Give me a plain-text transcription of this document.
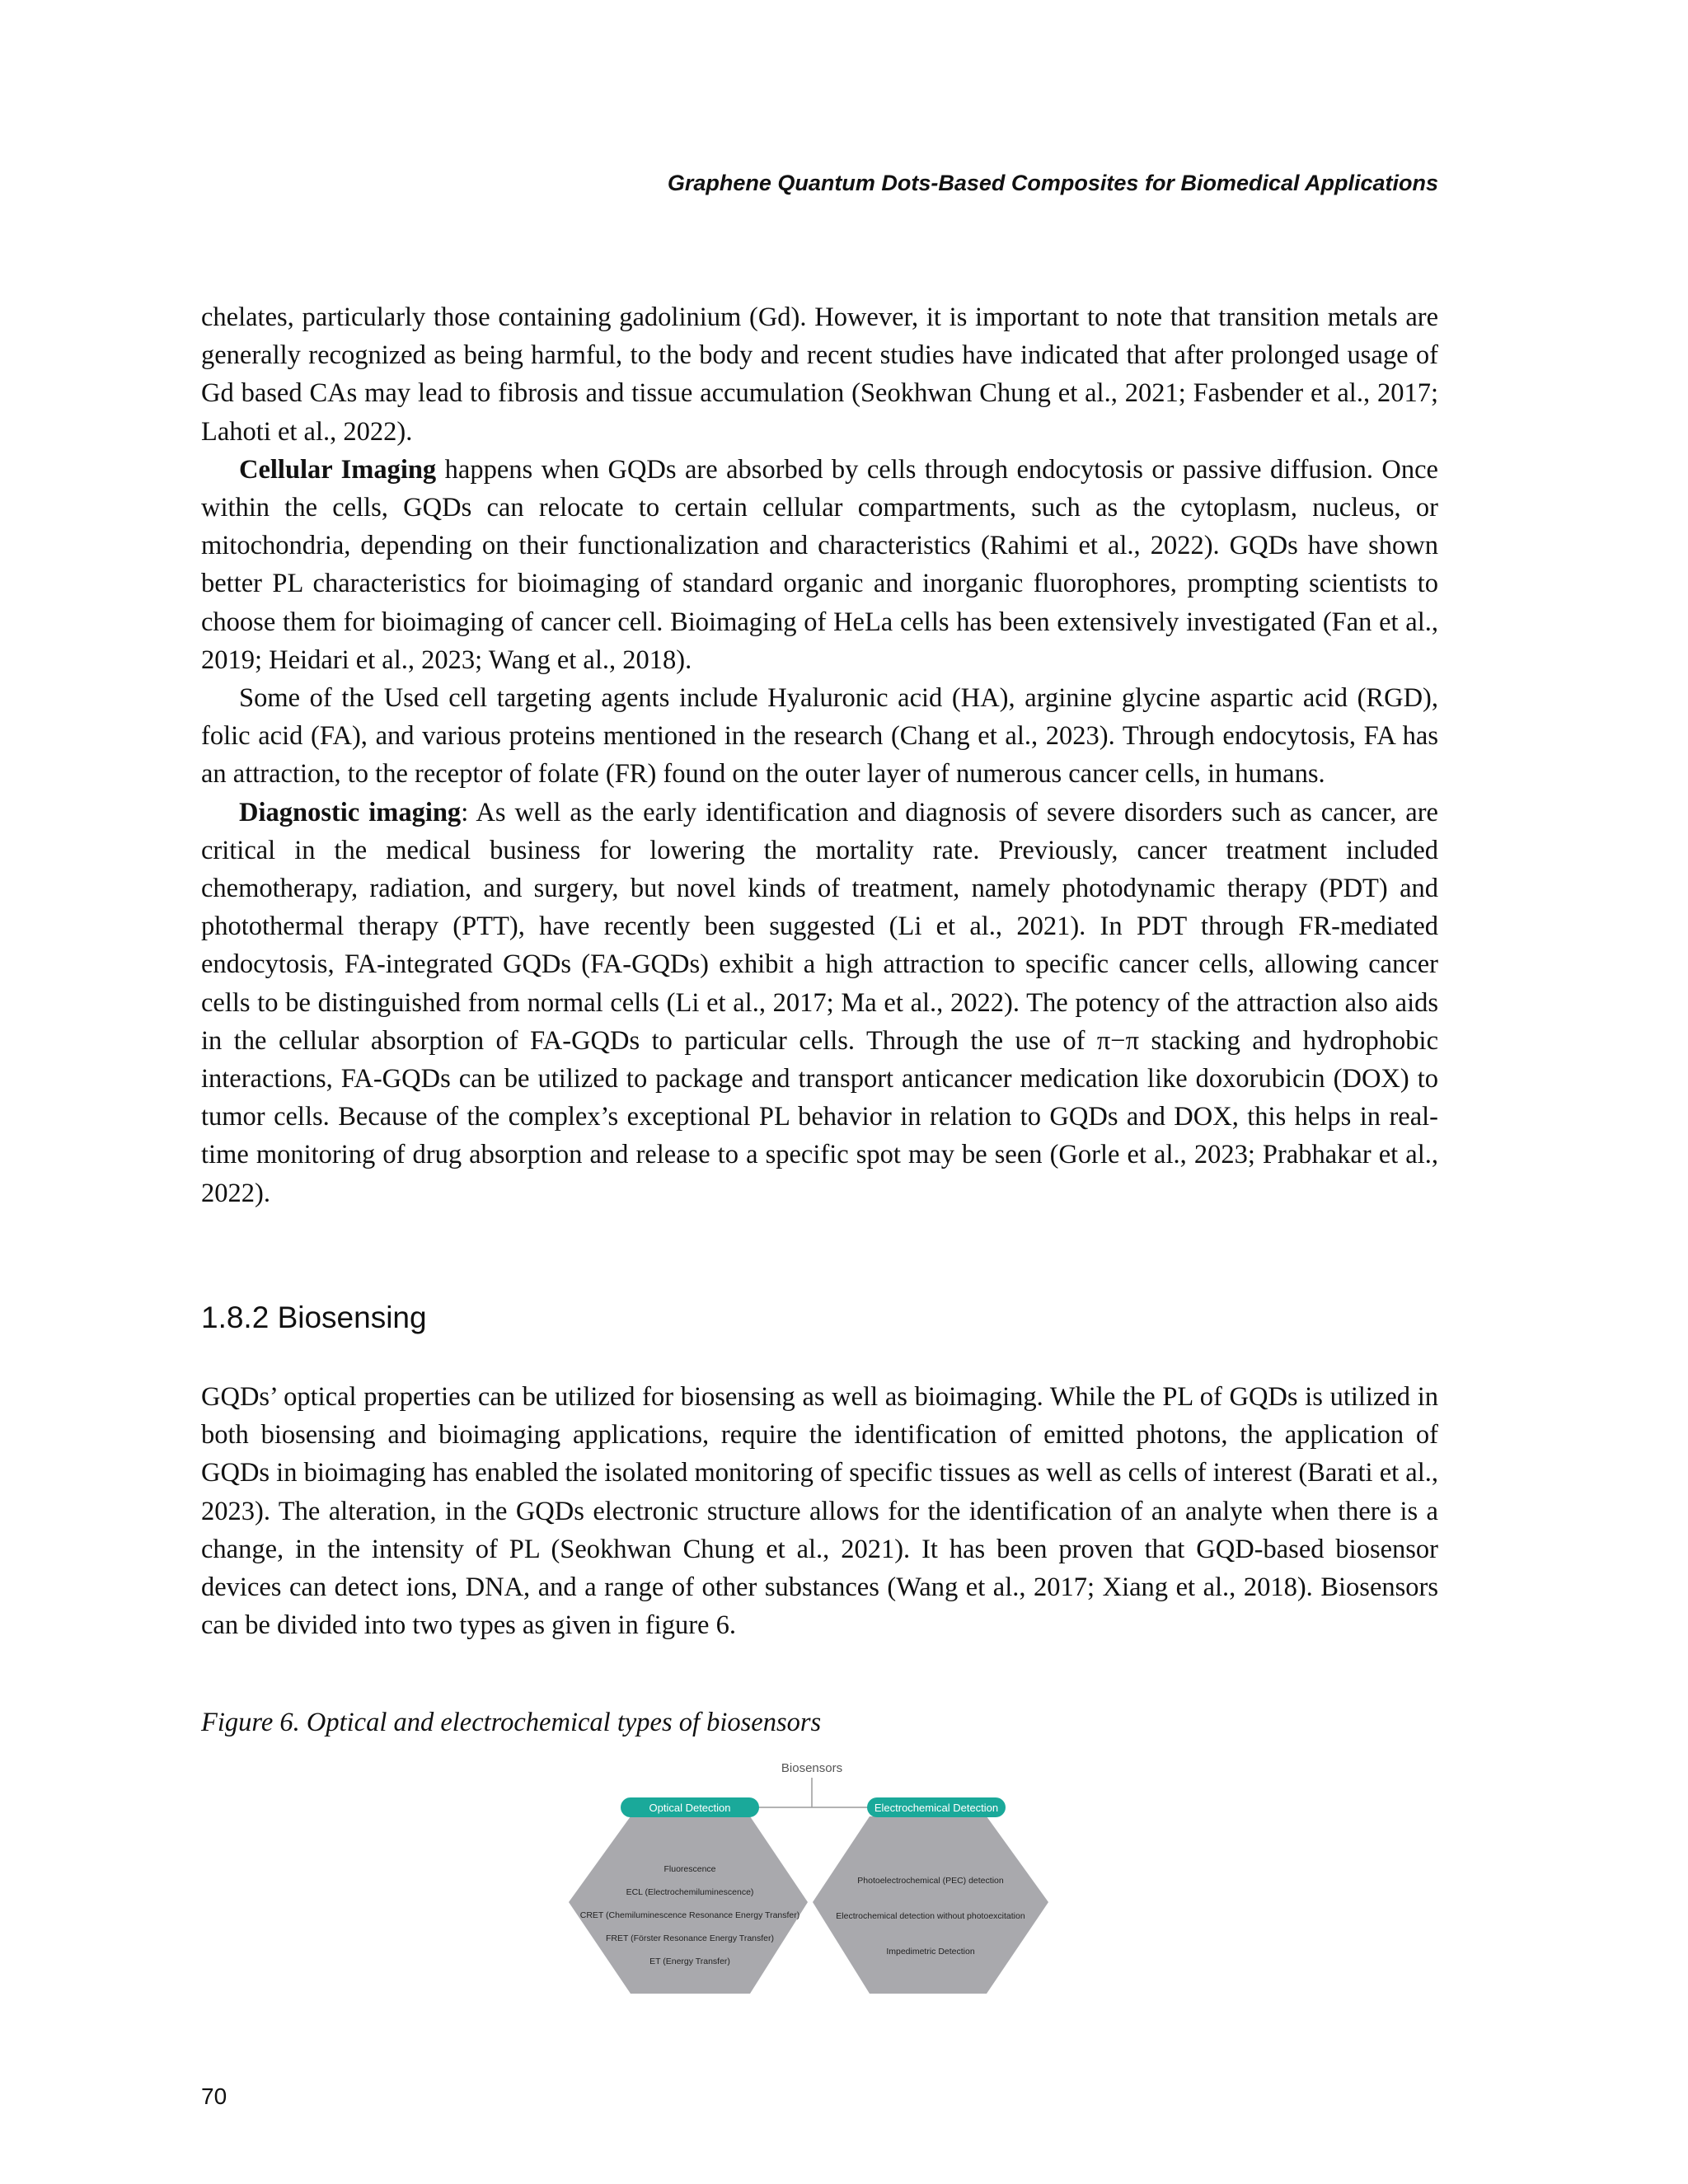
Graphene Quantum Dots-Based Composites for Biomedical Applications

chelates, particularly those containing gadolinium (Gd). However, it is important to note that transition metals are generally recognized as being harmful, to the body and recent studies have indicated that after prolonged usage of Gd based CAs may lead to fibrosis and tissue accumulation (Seokhwan Chung et al., 2021; Fasbender et al., 2017; Lahoti et al., 2022).

Cellular Imaging happens when GQDs are absorbed by cells through endocytosis or passive diffusion. Once within the cells, GQDs can relocate to certain cellular compartments, such as the cytoplasm, nucleus, or mitochondria, depending on their functionalization and characteristics (Rahimi et al., 2022). GQDs have shown better PL characteristics for bioimaging of standard organic and inorganic fluorophores, prompting scientists to choose them for bioimaging of cancer cell. Bioimaging of HeLa cells has been extensively investigated (Fan et al., 2019; Heidari et al., 2023; Wang et al., 2018).

Some of the Used cell targeting agents include Hyaluronic acid (HA), arginine glycine aspartic acid (RGD), folic acid (FA), and various proteins mentioned in the research (Chang et al., 2023). Through endocytosis, FA has an attraction, to the receptor of folate (FR) found on the outer layer of numerous cancer cells, in humans.

Diagnostic imaging: As well as the early identification and diagnosis of severe disorders such as cancer, are critical in the medical business for lowering the mortality rate. Previously, cancer treatment included chemotherapy, radiation, and surgery, but novel kinds of treatment, namely photodynamic therapy (PDT) and photothermal therapy (PTT), have recently been suggested (Li et al., 2021). In PDT through FR-mediated endocytosis, FA-integrated GQDs (FA-GQDs) exhibit a high attraction to specific cancer cells, allowing cancer cells to be distinguished from normal cells (Li et al., 2017; Ma et al., 2022). The potency of the attraction also aids in the cellular absorption of FA-GQDs to particular cells. Through the use of π−π stacking and hydrophobic interactions, FA-GQDs can be utilized to package and transport anticancer medication like doxorubicin (DOX) to tumor cells. Because of the complex’s exceptional PL behavior in relation to GQDs and DOX, this helps in real-time monitoring of drug absorption and release to a specific spot may be seen (Gorle et al., 2023; Prabhakar et al., 2022).

1.8.2 Biosensing
GQDs’ optical properties can be utilized for biosensing as well as bioimaging. While the PL of GQDs is utilized in both biosensing and bioimaging applications, require the identification of emitted photons, the application of GQDs in bioimaging has enabled the isolated monitoring of specific tissues as well as cells of interest (Barati et al., 2023). The alteration, in the GQDs electronic structure allows for the identification of an analyte when there is a change, in the intensity of PL (Seokhwan Chung et al., 2021). It has been proven that GQD-based biosensor devices can detect ions, DNA, and a range of other substances (Wang et al., 2017; Xiang et al., 2018). Biosensors can be divided into two types as given in figure 6.
Figure 6. Optical and electrochemical types of biosensors
Biosensors
Optical Detection	Electrochemical Detection
Fluorescence
ECL (Electrochemiluminescence)
CRET (Chemiluminescence Resonance Energy Transfer)
FRET (Förster Resonance Energy Transfer)
ET (Energy Transfer)
Photoelectrochemical (PEC) detection
Electrochemical detection without photoexcitation
Impedimetric Detection
70
